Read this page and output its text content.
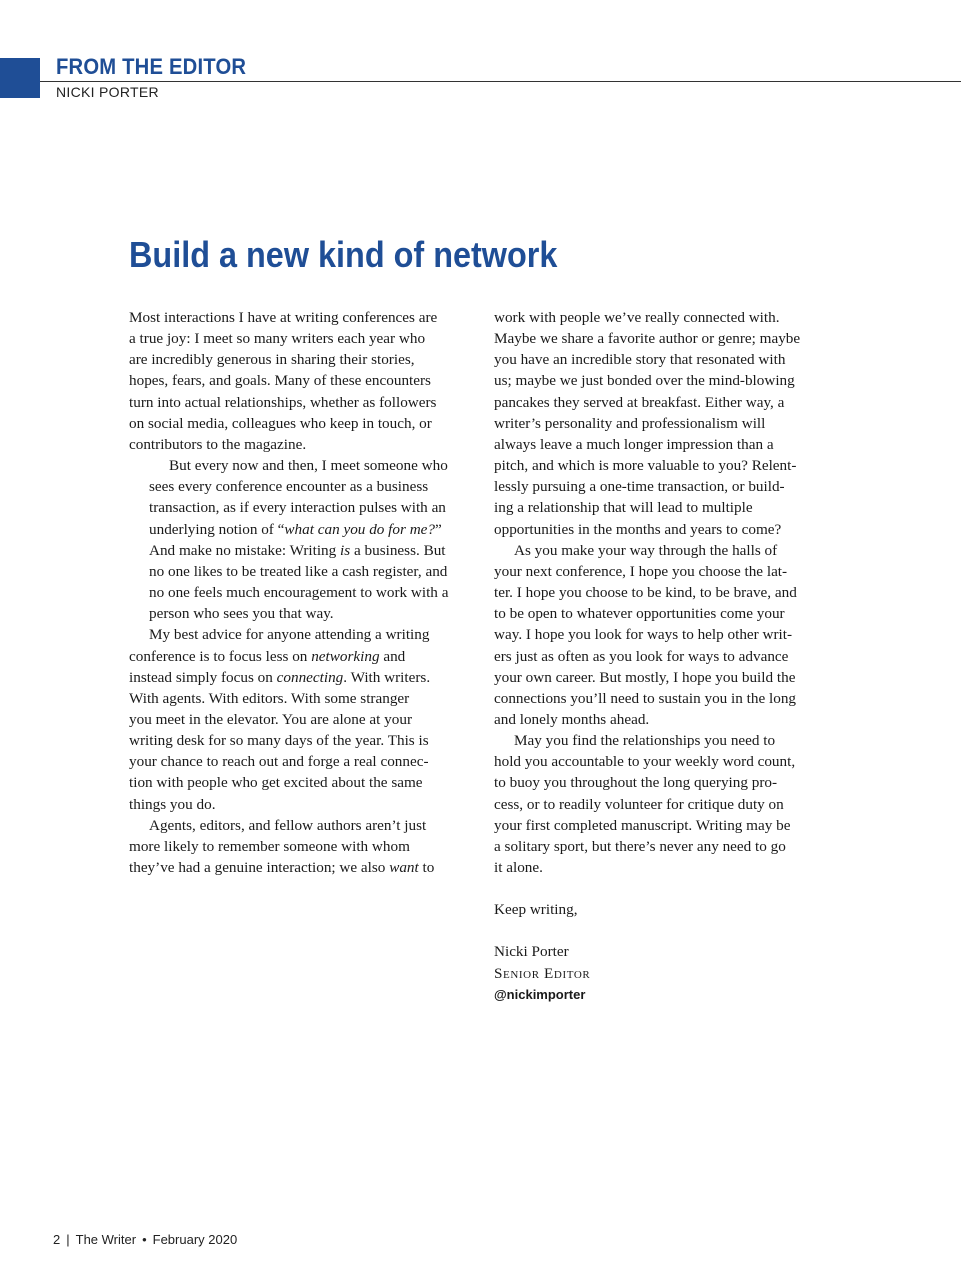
FROM THE EDITOR
NICKI PORTER
Build a new kind of network

Most interactions I have at writing conferences are
a true joy: I meet so many writers each year who
are incredibly generous in sharing their stories,
hopes, fears, and goals. Many of these encounters
turn into actual relationships, whether as followers
on social media, colleagues who keep in touch, or
contributors to the magazine.

But every now and then, I meet someone who
sees every conference encounter as a business
transaction, as if every interaction pulses with an
underlying notion of “what can you do for me?”
And make no mistake: Writing is a business. But
no one likes to be treated like a cash register, and
no one feels much encouragement to work with a
person who sees you that way.

My best advice for anyone attending a writing
conference is to focus less on networking and
instead simply focus on connecting. With writers.
With agents. With editors. With some stranger
you meet in the elevator. You are alone at your
writing desk for so many days of the year. This is
your chance to reach out and forge a real connec-
tion with people who get excited about the same
things you do.

Agents, editors, and fellow authors aren’t just
more likely to remember someone with whom
they’ve had a genuine interaction; we also want to

work with people we’ve really connected with.
Maybe we share a favorite author or genre; maybe
you have an incredible story that resonated with
us; maybe we just bonded over the mind-blowing
pancakes they served at breakfast. Either way, a
writer’s personality and professionalism will
always leave a much longer impression than a
pitch, and which is more valuable to you? Relent-
lessly pursuing a one-time transaction, or build-
ing a relationship that will lead to multiple
opportunities in the months and years to come?

As you make your way through the halls of
your next conference, I hope you choose the lat-
ter. I hope you choose to be kind, to be brave, and
to be open to whatever opportunities come your
way. I hope you look for ways to help other writ-
ers just as often as you look for ways to advance
your own career. But mostly, I hope you build the
connections you’ll need to sustain you in the long
and lonely months ahead.

May you find the relationships you need to
hold you accountable to your weekly word count,
to buoy you throughout the long querying pro-
cess, or to readily volunteer for critique duty on
your first completed manuscript. Writing may be
a solitary sport, but there’s never any need to go
it alone.

Keep writing,

Nicki Porter

Senior Editor

@nickimporter

2 | The Writer • February 2020
